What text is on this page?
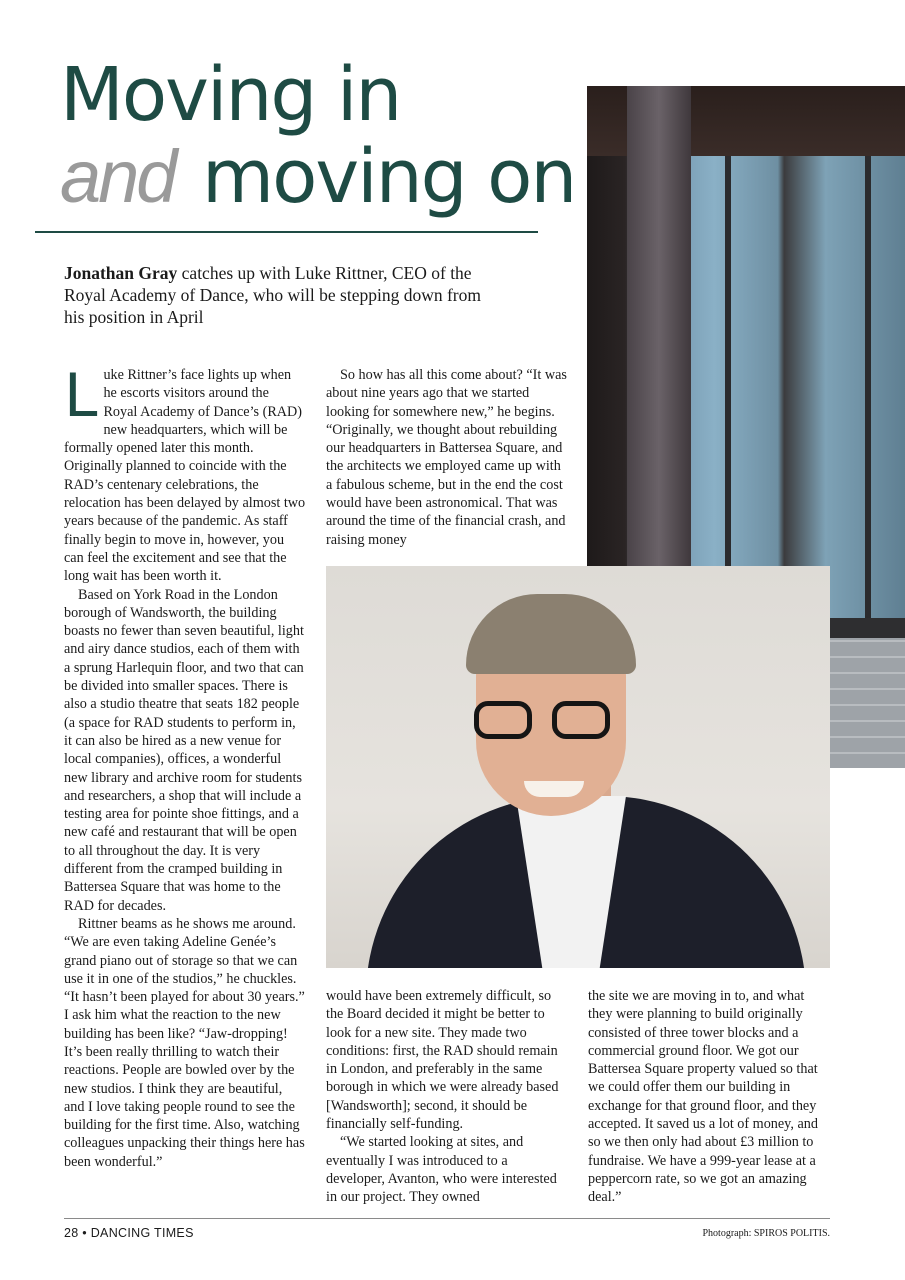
Moving in
and moving on

Jonathan Gray catches up with Luke Rittner, CEO of the Royal Academy of Dance, who will be stepping down from his position in April

Luke Rittner’s face lights up when he escorts visitors around the Royal Academy of Dance’s (RAD) new headquarters, which will be formally opened later this month. Originally planned to coincide with the RAD’s centenary celebrations, the relocation has been delayed by almost two years because of the pandemic. As staff finally begin to move in, however, you can feel the excitement and see that the long wait has been worth it.

Based on York Road in the London borough of Wandsworth, the building boasts no fewer than seven beautiful, light and airy dance studios, each of them with a sprung Harlequin floor, and two that can be divided into smaller spaces. There is also a studio theatre that seats 182 people (a space for RAD students to perform in, it can also be hired as a new venue for local companies), offices, a wonderful new library and archive room for students and researchers, a shop that will include a testing area for pointe shoe fittings, and a new café and restaurant that will be open to all throughout the day. It is very different from the cramped building in Battersea Square that was home to the RAD for decades.

Rittner beams as he shows me around. “We are even taking Adeline Genée’s grand piano out of storage so that we can use it in one of the studios,” he chuckles. “It hasn’t been played for about 30 years.” I ask him what the reaction to the new building has been like? “Jaw-dropping! It’s been really thrilling to watch their reactions. People are bowled over by the new studios. I think they are beautiful, and I love taking people round to see the building for the first time. Also, watching colleagues unpacking their things here has been wonderful.”

So how has all this come about? “It was about nine years ago that we started looking for somewhere new,” he begins. “Originally, we thought about rebuilding our headquarters in Battersea Square, and the architects we employed came up with a fabulous scheme, but in the end the cost would have been astronomical. That was around the time of the financial crash, and raising money

would have been extremely difficult, so the Board decided it might be better to look for a new site. They made two conditions: first, the RAD should remain in London, and preferably in the same borough in which we were already based [Wandsworth]; second, it should be financially self-funding.

“We started looking at sites, and eventually I was introduced to a developer, Avanton, who were interested in our project. They owned

the site we are moving in to, and what they were planning to build originally consisted of three tower blocks and a commercial ground floor. We got our Battersea Square property valued so that we could offer them our building in exchange for that ground floor, and they accepted. It saved us a lot of money, and so we then only had about £3 million to fundraise. We have a 999-year lease at a peppercorn rate, so we got an amazing deal.”

28 • DANCING TIMES	Photograph: SPIROS POLITIS.
